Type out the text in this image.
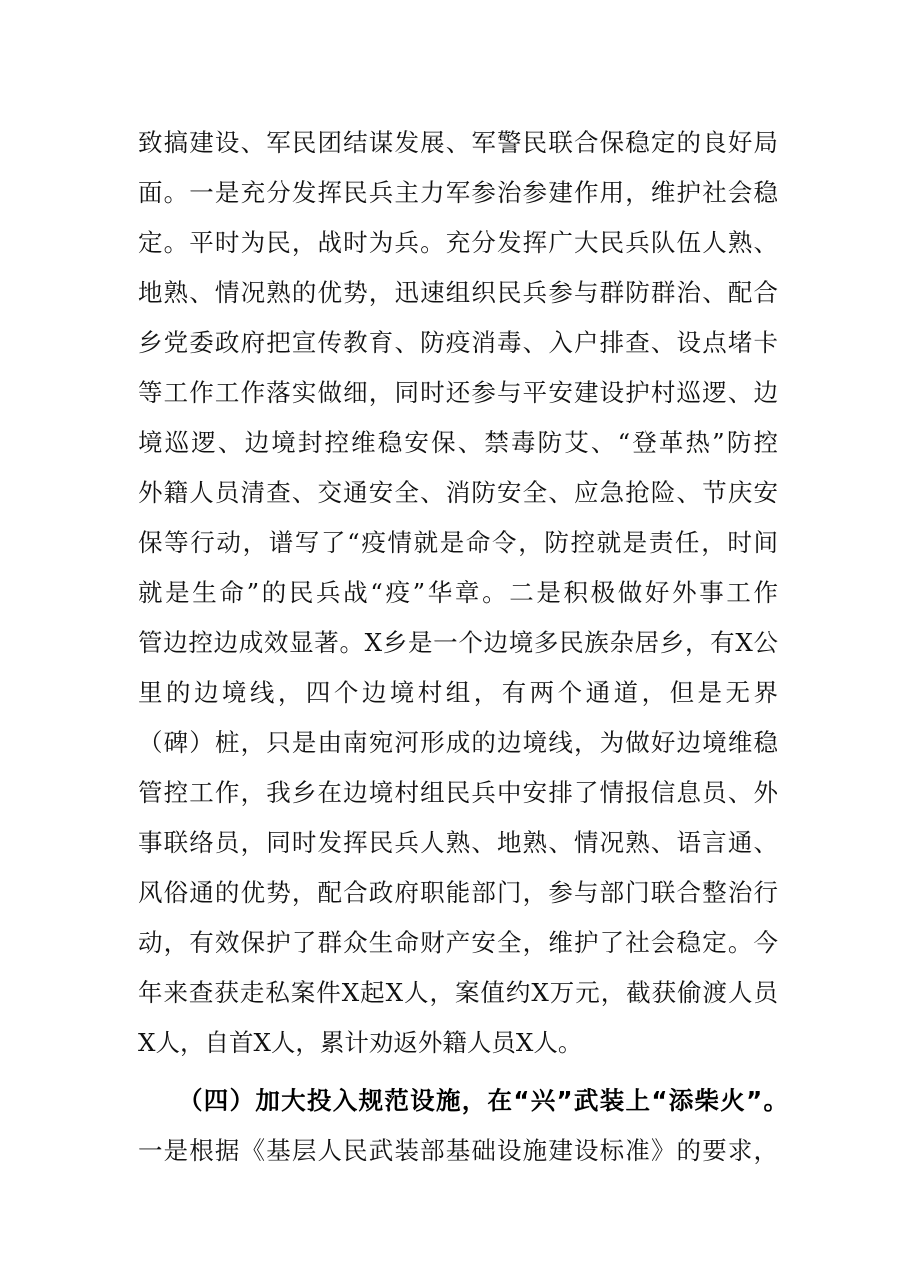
致搞建设、军民团结谋发展、军警民联合保稳定的良好局
面。一是充分发挥民兵主力军参治参建作用，维护社会稳
定。平时为民，战时为兵。充分发挥广大民兵队伍人熟、
地熟、情况熟的优势，迅速组织民兵参与群防群治、配合
乡党委政府把宣传教育、防疫消毒、入户排查、设点堵卡
等工作工作落实做细，同时还参与平安建设护村巡逻、边
境巡逻、边境封控维稳安保、禁毒防艾、“登革热”防控
外籍人员清查、交通安全、消防安全、应急抢险、节庆安
保等行动，谱写了“疫情就是命令，防控就是责任，时间
就是生命”的民兵战“疫”华章。二是积极做好外事工作
管边控边成效显著。X乡是一个边境多民族杂居乡，有X公
里的边境线，四个边境村组，有两个通道，但是无界
（碑）桩，只是由南宛河形成的边境线，为做好边境维稳
管控工作，我乡在边境村组民兵中安排了情报信息员、外
事联络员，同时发挥民兵人熟、地熟、情况熟、语言通、
风俗通的优势，配合政府职能部门，参与部门联合整治行
动，有效保护了群众生命财产安全，维护了社会稳定。今
年来查获走私案件X起X人，案值约X万元，截获偷渡人员
X人，自首X人，累计劝返外籍人员X人。
（四）加大投入规范设施，在“兴”武装上“添柴火”。
一是根据《基层人民武装部基础设施建设标准》的要求，
